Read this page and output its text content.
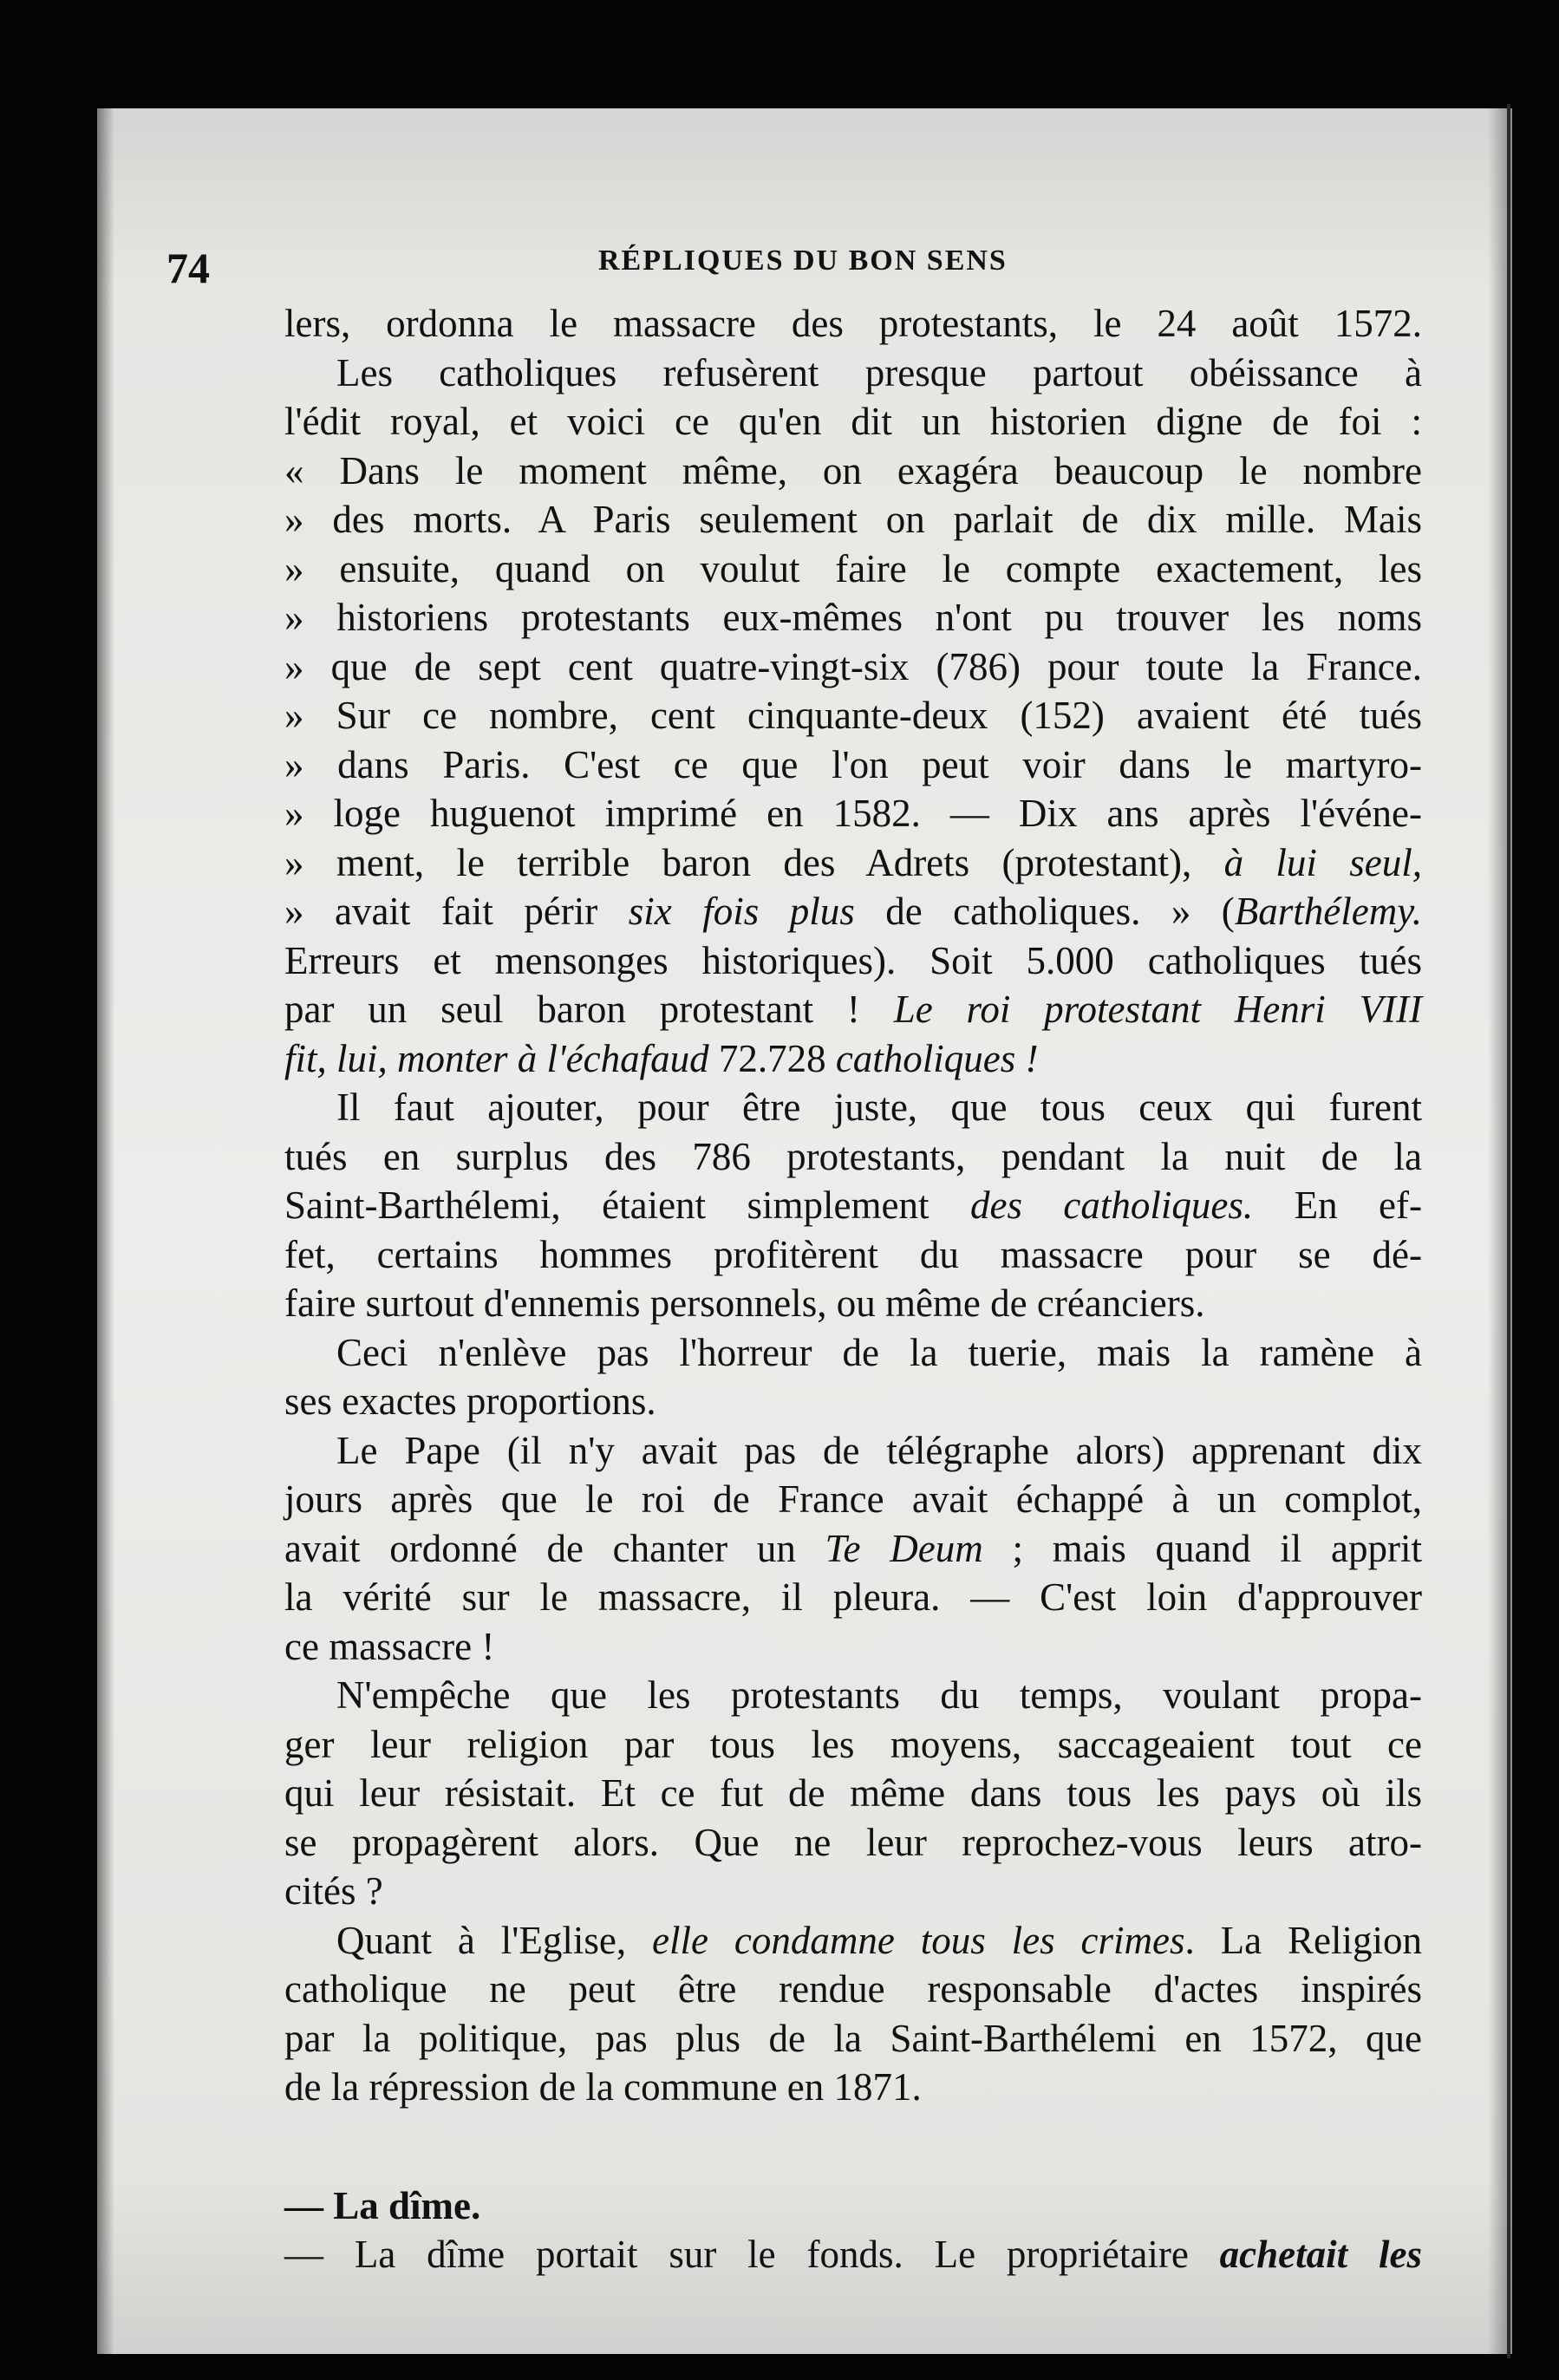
74	RÉPLIQUES DU BON SENS
lers, ordonna le massacre des protestants, le 24 août 1572.
Les catholiques refusèrent presque partout obéissance à
l'édit royal, et voici ce qu'en dit un historien digne de foi :
« Dans le moment même, on exagéra beaucoup le nombre
» des morts. A Paris seulement on parlait de dix mille. Mais
» ensuite, quand on voulut faire le compte exactement, les
» historiens protestants eux-mêmes n'ont pu trouver les noms
» que de sept cent quatre-vingt-six (786) pour toute la France.
» Sur ce nombre, cent cinquante-deux (152) avaient été tués
» dans Paris. C'est ce que l'on peut voir dans le martyro-
» loge huguenot imprimé en 1582. — Dix ans après l'événe-
» ment, le terrible baron des Adrets (protestant), à lui seul,
» avait fait périr six fois plus de catholiques. » (Barthélemy.
Erreurs et mensonges historiques). Soit 5.000 catholiques tués
par un seul baron protestant ! Le roi protestant Henri VIII
fit, lui, monter à l'échafaud 72.728 catholiques !
Il faut ajouter, pour être juste, que tous ceux qui furent
tués en surplus des 786 protestants, pendant la nuit de la
Saint-Barthélemi, étaient simplement des catholiques. En ef-
fet, certains hommes profitèrent du massacre pour se dé-
faire surtout d'ennemis personnels, ou même de créanciers.
Ceci n'enlève pas l'horreur de la tuerie, mais la ramène à
ses exactes proportions.
Le Pape (il n'y avait pas de télégraphe alors) apprenant dix
jours après que le roi de France avait échappé à un complot,
avait ordonné de chanter un Te Deum ; mais quand il apprit
la vérité sur le massacre, il pleura. — C'est loin d'approuver
ce massacre !
N'empêche que les protestants du temps, voulant propa-
ger leur religion par tous les moyens, saccageaient tout ce
qui leur résistait. Et ce fut de même dans tous les pays où ils
se propagèrent alors. Que ne leur reprochez-vous leurs atro-
cités ?
Quant à l'Eglise, elle condamne tous les crimes. La Religion
catholique ne peut être rendue responsable d'actes inspirés
par la politique, pas plus de la Saint-Barthélemi en 1572, que
de la répression de la commune en 1871.
— La dîme.
— La dîme portait sur le fonds. Le propriétaire achetait les
